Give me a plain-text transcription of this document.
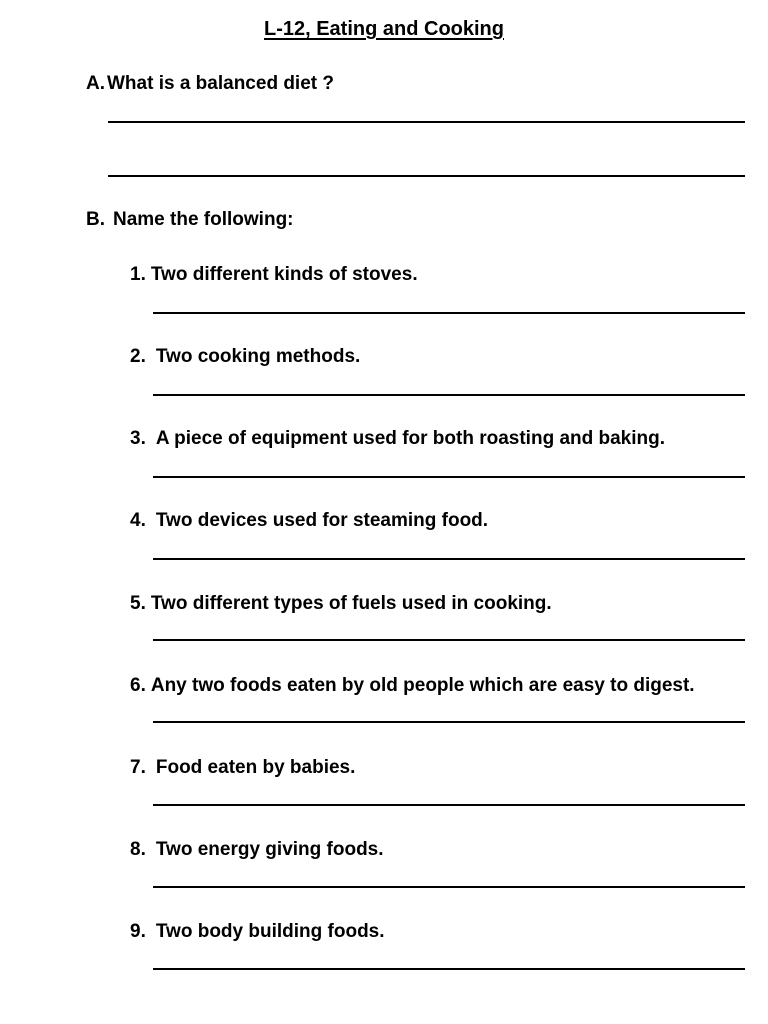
L-12, Eating and Cooking
A. What is a balanced diet ?
B. Name the following:
1. Two different kinds of stoves.
2. Two cooking methods.
3. A piece of equipment used for both roasting and baking.
4. Two devices used for steaming food.
5. Two different types of fuels used in cooking.
6. Any two foods eaten by old people which are easy to digest.
7. Food eaten by babies.
8. Two energy giving foods.
9. Two body building foods.
